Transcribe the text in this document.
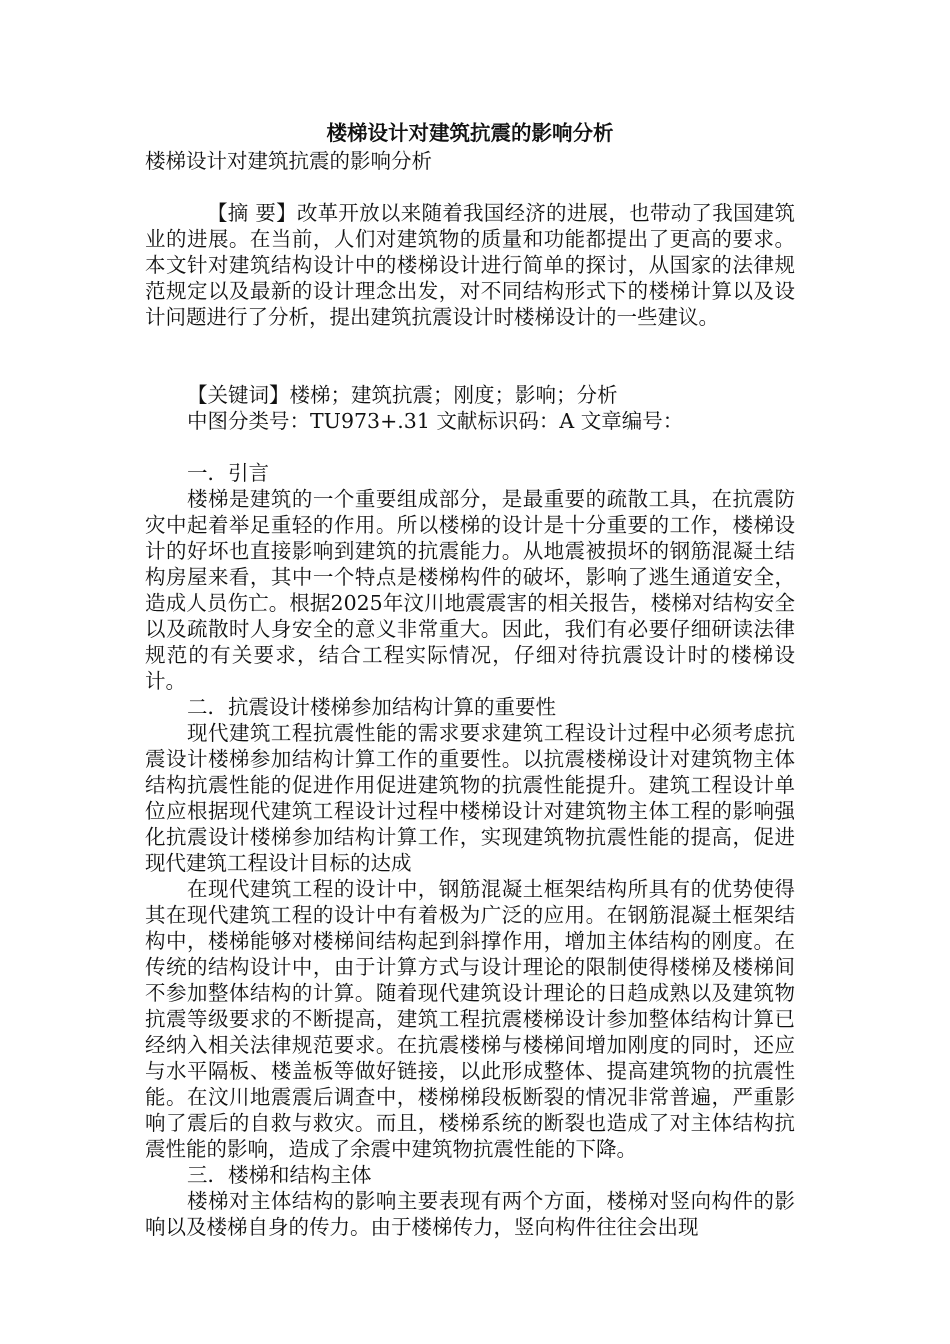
楼梯设计对建筑抗震的影响分析
楼梯设计对建筑抗震的影响分析

【摘 要】改革开放以来随着我国经济的进展，也带动了我国建筑业的进展。在当前，人们对建筑物的质量和功能都提出了更高的要求。本文针对建筑结构设计中的楼梯设计进行简单的探讨，从国家的法律规范规定以及最新的设计理念出发，对不同结构形式下的楼梯计算以及设计问题进行了分析，提出建筑抗震设计时楼梯设计的一些建议。

【关键词】楼梯；建筑抗震；刚度；影响；分析
中图分类号：TU973+.31 文献标识码：A 文章编号：
一．引言

楼梯是建筑的一个重要组成部分，是最重要的疏散工具，在抗震防灾中起着举足重轻的作用。所以楼梯的设计是十分重要的工作，楼梯设计的好坏也直接影响到建筑的抗震能力。从地震被损坏的钢筋混凝土结构房屋来看，其中一个特点是楼梯构件的破坏，影响了逃生通道安全，造成人员伤亡。根据2025年汶川地震震害的相关报告，楼梯对结构安全以及疏散时人身安全的意义非常重大。因此，我们有必要仔细研读法律规范的有关要求，结合工程实际情况，仔细对待抗震设计时的楼梯设计。

二．抗震设计楼梯参加结构计算的重要性

现代建筑工程抗震性能的需求要求建筑工程设计过程中必须考虑抗震设计楼梯参加结构计算工作的重要性。以抗震楼梯设计对建筑物主体结构抗震性能的促进作用促进建筑物的抗震性能提升。建筑工程设计单位应根据现代建筑工程设计过程中楼梯设计对建筑物主体工程的影响强化抗震设计楼梯参加结构计算工作，实现建筑物抗震性能的提高，促进现代建筑工程设计目标的达成

在现代建筑工程的设计中，钢筋混凝土框架结构所具有的优势使得其在现代建筑工程的设计中有着极为广泛的应用。在钢筋混凝土框架结构中，楼梯能够对楼梯间结构起到斜撑作用，增加主体结构的刚度。在传统的结构设计中，由于计算方式与设计理论的限制使得楼梯及楼梯间不参加整体结构的计算。随着现代建筑设计理论的日趋成熟以及建筑物抗震等级要求的不断提高，建筑工程抗震楼梯设计参加整体结构计算已经纳入相关法律规范要求。在抗震楼梯与楼梯间增加刚度的同时，还应与水平隔板、楼盖板等做好链接，以此形成整体、提高建筑物的抗震性能。在汶川地震震后调查中，楼梯梯段板断裂的情况非常普遍，严重影响了震后的自救与救灾。而且，楼梯系统的断裂也造成了对主体结构抗震性能的影响，造成了余震中建筑物抗震性能的下降。

三．楼梯和结构主体

楼梯对主体结构的影响主要表现有两个方面，楼梯对竖向构件的影响以及楼梯自身的传力。由于楼梯传力，竖向构件往往会出现
